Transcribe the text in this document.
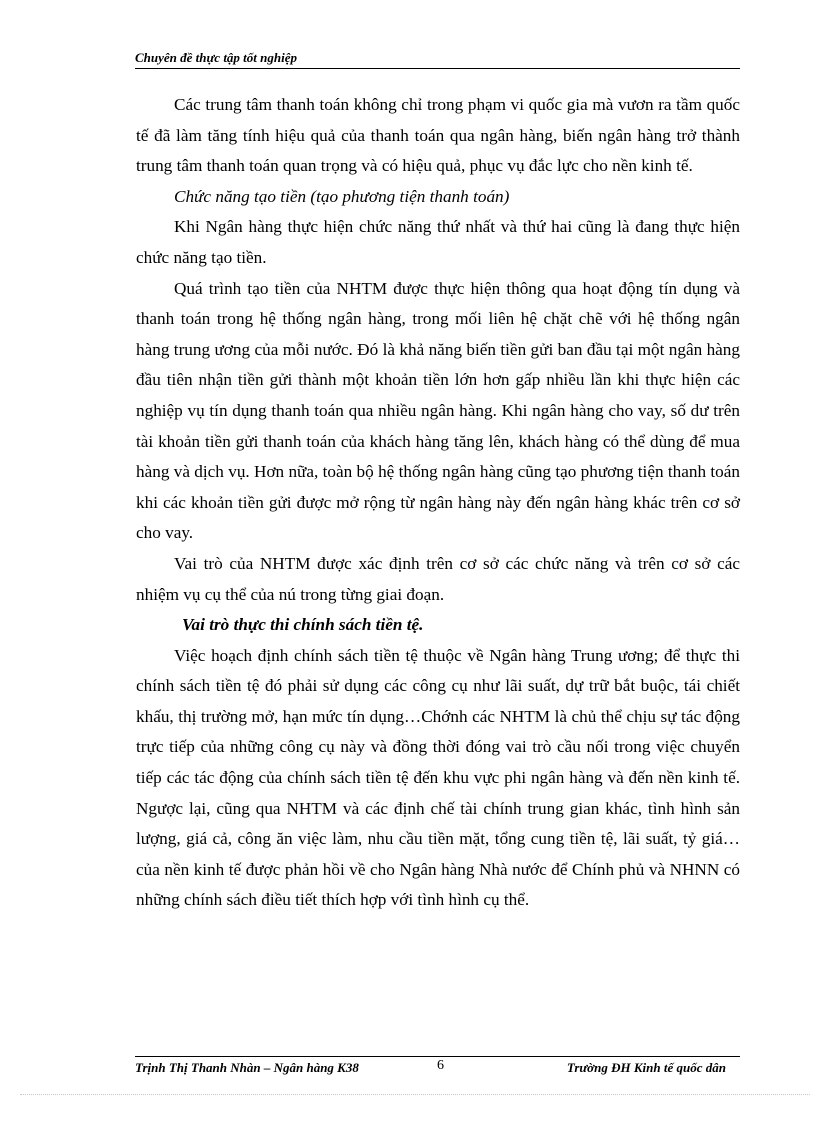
Chuyên đề thực tập tốt nghiệp

Các trung tâm thanh toán không chỉ trong phạm vi quốc gia mà vươn ra tầm quốc tế đã làm tăng tính hiệu quả của thanh toán qua ngân hàng, biến ngân hàng trở thành trung tâm thanh toán quan trọng và có hiệu quả, phục vụ đắc lực cho nền kinh tế.

Chức năng tạo tiền (tạo phương tiện thanh toán)

Khi Ngân hàng thực hiện chức năng thứ nhất và thứ hai cũng là đang thực hiện chức năng tạo tiền.

Quá trình tạo tiền của NHTM được thực hiện thông qua hoạt động tín dụng và thanh toán trong hệ thống ngân hàng, trong mối liên hệ chặt chẽ với hệ thống ngân hàng trung ương của mỗi nước. Đó là khả năng biến tiền gửi ban đầu tại một ngân hàng đầu tiên nhận tiền gửi thành một khoản tiền lớn hơn gấp nhiều lần khi thực hiện các nghiệp vụ tín dụng thanh toán qua nhiều ngân hàng. Khi ngân hàng cho vay, số dư trên tài khoản tiền gửi thanh toán của khách hàng tăng lên, khách hàng có thể dùng để mua hàng và dịch vụ. Hơn nữa, toàn bộ hệ thống ngân hàng cũng tạo phương tiện thanh toán khi các khoản tiền gửi được mở rộng từ ngân hàng này đến ngân hàng khác trên cơ sở cho vay.

Vai trò của NHTM được xác định trên cơ sở các chức năng và trên cơ sở các nhiệm vụ cụ thể của nú trong từng giai đoạn.

Vai trò thực thi chính sách tiền tệ.

Việc hoạch định chính sách tiền tệ thuộc về Ngân hàng Trung ương; để thực thi chính sách tiền tệ đó phải sử dụng các công cụ như lãi suất, dự trữ bắt buộc, tái chiết khấu, thị trường mở, hạn mức tín dụng…Chớnh các NHTM là chủ thể chịu sự tác động trực tiếp của những công cụ này và đồng thời đóng vai trò cầu nối trong việc chuyển tiếp các tác động của chính sách tiền tệ đến khu vực phi ngân hàng và đến nền kinh tế. Ngược lại, cũng qua NHTM và các định chế tài chính trung gian khác, tình hình sản lượng, giá cả, công ăn việc làm, nhu cầu tiền mặt, tổng cung tiền tệ, lãi suất, tỷ giá… của nền kinh tế được phản hồi về cho Ngân hàng Nhà nước để Chính phủ và NHNN có những chính sách điều tiết thích hợp với tình hình cụ thể.

Trịnh Thị Thanh Nhàn – Ngân hàng K38	6	Trường ĐH Kinh tế quốc dân
